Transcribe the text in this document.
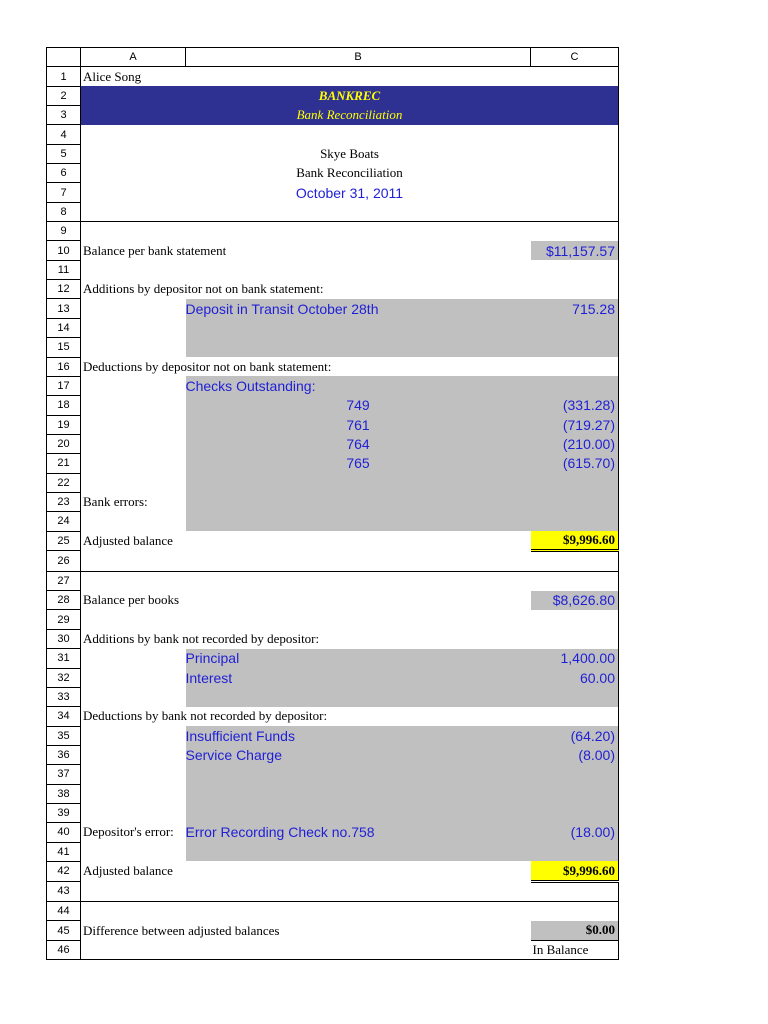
	A	B	C
1	Alice Song		
2	BANKREC		
3	Bank Reconciliation		
4			
5	Skye Boats		
6	Bank Reconciliation		
7	October 31, 2011		
8			
9			
10	Balance per bank statement		$11,157.57
11			
12	Additions by depositor not on bank statement:		
13		Deposit in Transit October 28th	715.28
14			
15			
16	Deductions by depositor not on bank statement:		
17		Checks Outstanding:	
18		749	(331.28)
19		761	(719.27)
20		764	(210.00)
21		765	(615.70)
22			
23	Bank errors:		
24			
25	Adjusted balance		$9,996.60
26			
27			
28	Balance per books		$8,626.80
29			
30	Additions by bank not recorded by depositor:		
31		Principal	1,400.00
32		Interest	60.00
33			
34	Deductions by bank not recorded by depositor:		
35		Insufficient Funds	(64.20)
36		Service Charge	(8.00)
37			
38			
39			
40	Depositor's error:	Error Recording Check no.758	(18.00)
41			
42	Adjusted balance		$9,996.60
43			
44			
45	Difference between adjusted balances		$0.00
46			In Balance
